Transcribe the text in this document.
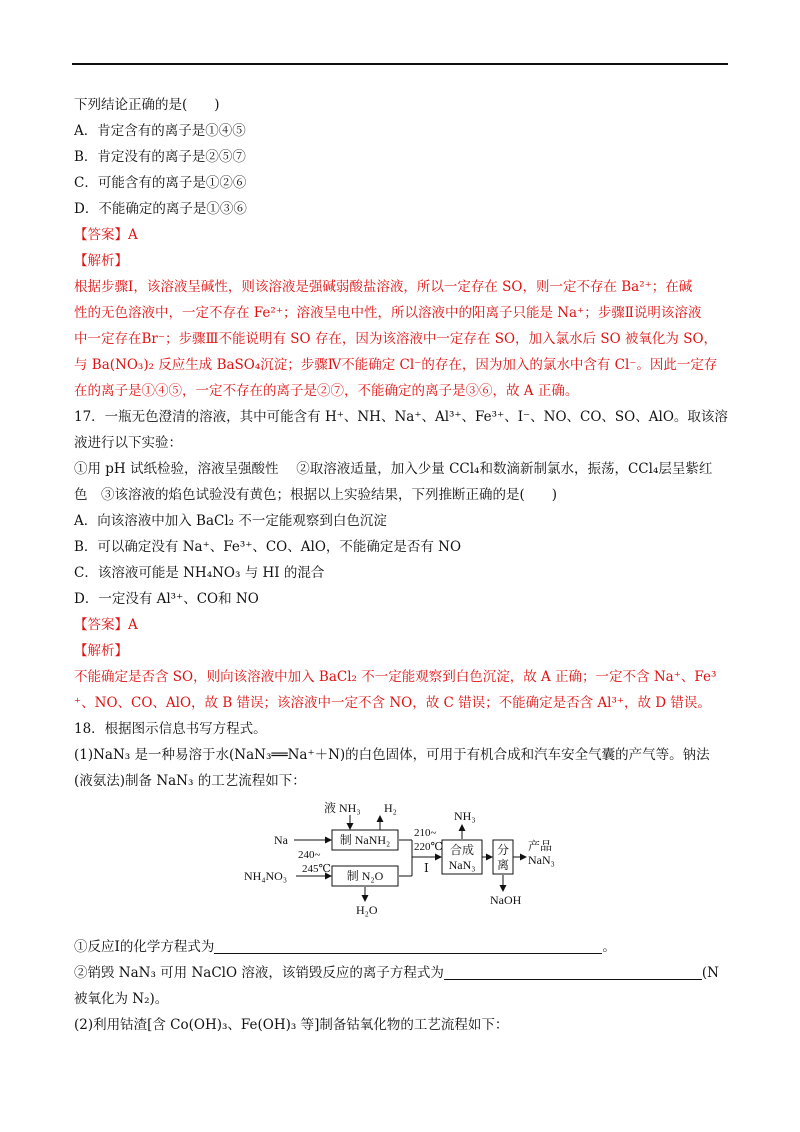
下列结论正确的是(　　)
A．肯定含有的离子是①④⑤
B．肯定没有的离子是②⑤⑦
C．可能含有的离子是①②⑥
D．不能确定的离子是①③⑥
【答案】A
【解析】
根据步骤Ⅰ，该溶液呈碱性，则该溶液是强碱弱酸盐溶液，所以一定存在 SO，则一定不存在 Ba²⁺；在碱
性的无色溶液中，一定不存在 Fe²⁺；溶液呈电中性，所以溶液中的阳离子只能是 Na⁺；步骤Ⅱ说明该溶液
中一定存在Br⁻；步骤Ⅲ不能说明有 SO 存在，因为该溶液中一定存在 SO，加入氯水后 SO 被氧化为 SO，
与 Ba(NO₃)₂ 反应生成 BaSO₄沉淀；步骤Ⅳ不能确定 Cl⁻的存在，因为加入的氯水中含有 Cl⁻。因此一定存
在的离子是①④⑤，一定不存在的离子是②⑦，不能确定的离子是③⑥，故 A 正确。
17．一瓶无色澄清的溶液，其中可能含有 H⁺、NH、Na⁺、Al³⁺、Fe³⁺、I⁻、NO、CO、SO、AlO。取该溶
液进行以下实验：
①用 pH 试纸检验，溶液呈强酸性　 ②取溶液适量，加入少量 CCl₄和数滴新制氯水，振荡，CCl₄层呈紫红
色　③该溶液的焰色试验没有黄色；根据以上实验结果，下列推断正确的是(　　)
A．向该溶液中加入 BaCl₂ 不一定能观察到白色沉淀
B．可以确定没有 Na⁺、Fe³⁺、CO、AlO，不能确定是否有 NO
C．该溶液可能是 NH₄NO₃ 与 HI 的混合
D．一定没有 Al³⁺、CO和 NO
【答案】A
【解析】
不能确定是否含 SO，则向该溶液中加入 BaCl₂ 不一定能观察到白色沉淀，故 A 正确；一定不含 Na⁺、Fe³
⁺、NO、CO、AlO，故 B 错误；该溶液中一定不含 NO，故 C 错误；不能确定是否含 Al³⁺，故 D 错误。
18．根据图示信息书写方程式。
(1)NaN₃ 是一种易溶于水(NaN₃══Na⁺＋N)的白色固体，可用于有机合成和汽车安全气囊的产气等。钠法
(液氨法)制备 NaN₃ 的工艺流程如下：
制 NaNH₂
制 N₂O
合成
NaN₃
分
离
Na
NH₄NO₃
240~
245℃
液 NH₃ H₂
H₂O
210~
220℃
Ⅰ
NH₃
产品
NaN₃
NaOH
①反应Ⅰ的化学方程式为	。
②销毁 NaN₃ 可用 NaClO 溶液，该销毁反应的离子方程式为	(N
被氧化为 N₂)。
(2)利用钴渣[含 Co(OH)₃、Fe(OH)₃ 等]制备钴氧化物的工艺流程如下：
